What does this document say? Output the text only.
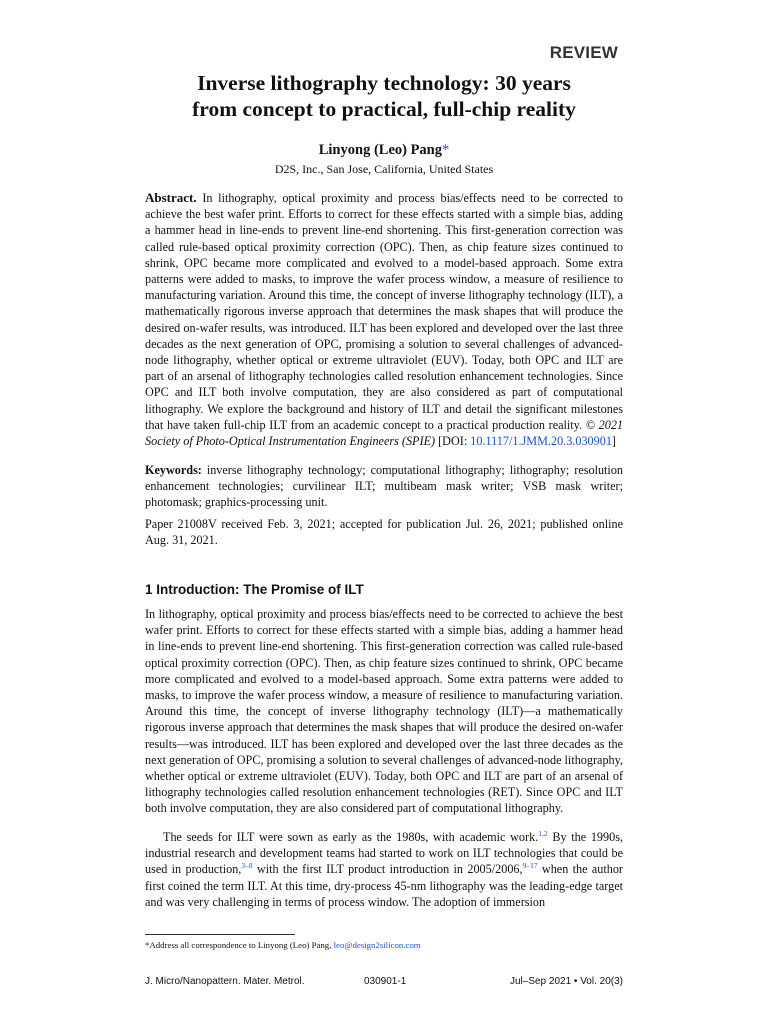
REVIEW
Inverse lithography technology: 30 years
from concept to practical, full-chip reality
Linyong (Leo) Pang*
D2S, Inc., San Jose, California, United States
Abstract. In lithography, optical proximity and process bias/effects need to be corrected to achieve the best wafer print. Efforts to correct for these effects started with a simple bias, adding a hammer head in line-ends to prevent line-end shortening. This first-generation correction was called rule-based optical proximity correction (OPC). Then, as chip feature sizes continued to shrink, OPC became more complicated and evolved to a model-based approach. Some extra patterns were added to masks, to improve the wafer process window, a measure of resilience to manufacturing variation. Around this time, the concept of inverse lithography technology (ILT), a mathematically rigorous inverse approach that determines the mask shapes that will produce the desired on-wafer results, was introduced. ILT has been explored and developed over the last three decades as the next generation of OPC, promising a solution to several challenges of advanced-node lithography, whether optical or extreme ultraviolet (EUV). Today, both OPC and ILT are part of an arsenal of lithography technologies called resolution enhancement technologies. Since OPC and ILT both involve computation, they are also considered as part of computational lithography. We explore the background and history of ILT and detail the significant milestones that have taken full-chip ILT from an academic concept to a practical production reality. © 2021 Society of Photo-Optical Instrumentation Engineers (SPIE) [DOI: 10.1117/1.JMM.20.3.030901]
Keywords: inverse lithography technology; computational lithography; lithography; resolution enhancement technologies; curvilinear ILT; multibeam mask writer; VSB mask writer; photomask; graphics-processing unit.
Paper 21008V received Feb. 3, 2021; accepted for publication Jul. 26, 2021; published online Aug. 31, 2021.
1 Introduction: The Promise of ILT
In lithography, optical proximity and process bias/effects need to be corrected to achieve the best wafer print. Efforts to correct for these effects started with a simple bias, adding a hammer head in line-ends to prevent line-end shortening. This first-generation correction was called rule-based optical proximity correction (OPC). Then, as chip feature sizes continued to shrink, OPC became more complicated and evolved to a model-based approach. Some extra patterns were added to masks, to improve the wafer process window, a measure of resilience to manufacturing variation. Around this time, the concept of inverse lithography technology (ILT)—a mathematically rigorous inverse approach that determines the mask shapes that will produce the desired on-wafer results—was introduced. ILT has been explored and developed over the last three decades as the next generation of OPC, promising a solution to several challenges of advanced-node lithography, whether optical or extreme ultraviolet (EUV). Today, both OPC and ILT are part of an arsenal of lithography technologies called resolution enhancement technologies (RET). Since OPC and ILT both involve computation, they are also considered part of computational lithography.
The seeds for ILT were sown as early as the 1980s, with academic work.$^{1,2}$ By the 1990s, industrial research and development teams had started to work on ILT technologies that could be used in production,$^{3-8}$ with the first ILT product introduction in 2005/2006,$^{9-17}$ when the author first coined the term ILT. At this time, dry-process 45-nm lithography was the leading-edge target and was very challenging in terms of process window. The adoption of immersion
*Address all correspondence to Linyong (Leo) Pang, leo@design2silicon.com
J. Micro/Nanopattern. Mater. Metrol.	030901-1	Jul–Sep 2021 • Vol. 20(3)
